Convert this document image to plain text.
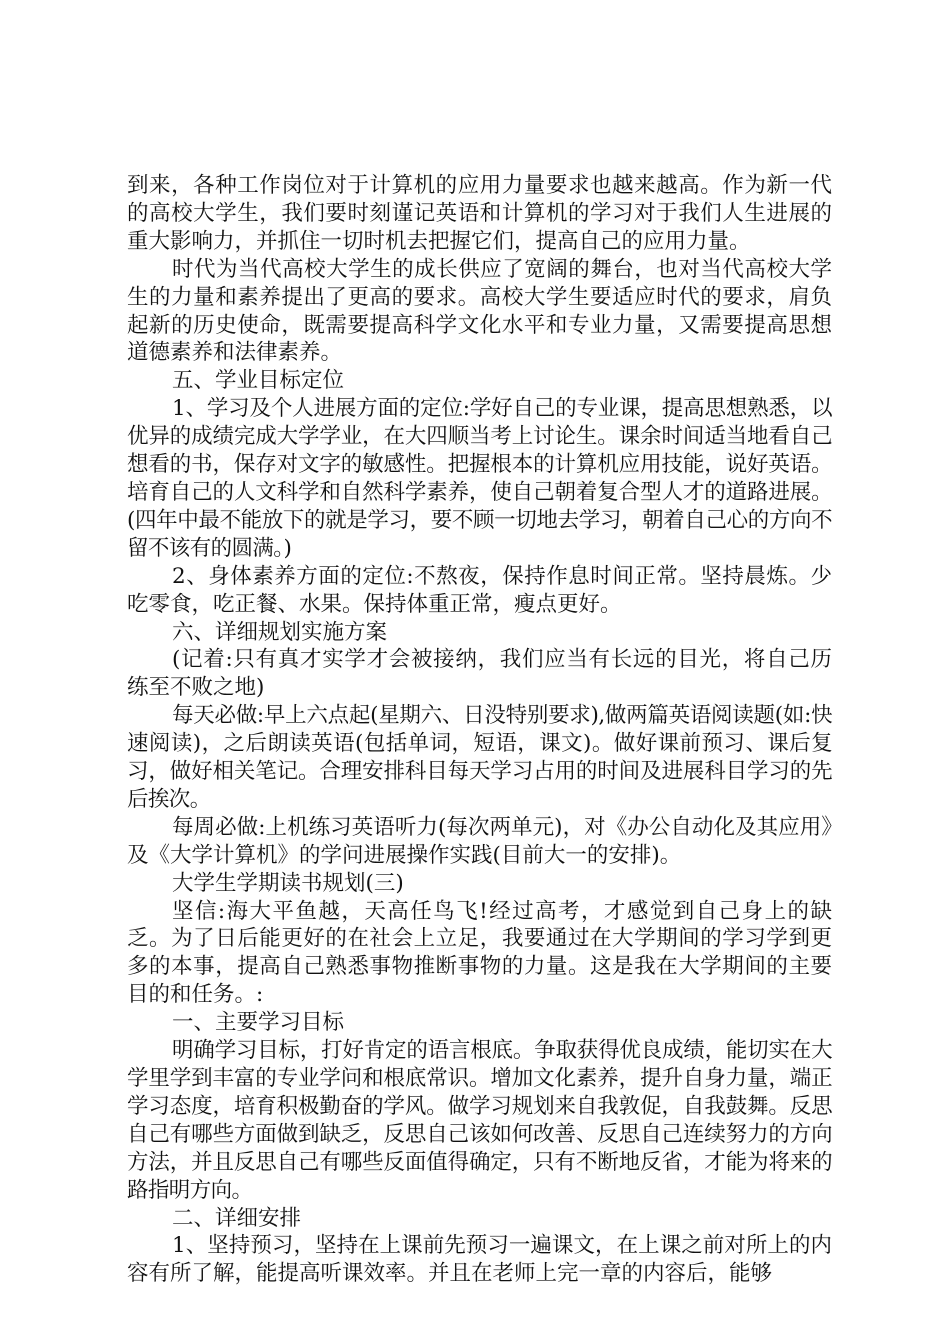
到来，各种工作岗位对于计算机的应用力量要求也越来越高。作为新一代的高校大学生，我们要时刻谨记英语和计算机的学习对于我们人生进展的重大影响力，并抓住一切时机去把握它们，提高自己的应用力量。

时代为当代高校大学生的成长供应了宽阔的舞台，也对当代高校大学生的力量和素养提出了更高的要求。高校大学生要适应时代的要求，肩负起新的历史使命，既需要提高科学文化水平和专业力量，又需要提高思想道德素养和法律素养。

五、学业目标定位

1、学习及个人进展方面的定位:学好自己的专业课，提高思想熟悉，以优异的成绩完成大学学业，在大四顺当考上讨论生。课余时间适当地看自己想看的书，保存对文字的敏感性。把握根本的计算机应用技能，说好英语。培育自己的人文科学和自然科学素养，使自己朝着复合型人才的道路进展。(四年中最不能放下的就是学习，要不顾一切地去学习，朝着自己心的方向不留不该有的圆满。)

2、身体素养方面的定位:不熬夜，保持作息时间正常。坚持晨炼。少吃零食，吃正餐、水果。保持体重正常，瘦点更好。

六、详细规划实施方案

(记着:只有真才实学才会被接纳，我们应当有长远的目光，将自己历练至不败之地)

每天必做:早上六点起(星期六、日没特别要求),做两篇英语阅读题(如:快速阅读)，之后朗读英语(包括单词，短语，课文)。做好课前预习、课后复习，做好相关笔记。合理安排科目每天学习占用的时间及进展科目学习的先后挨次。

每周必做:上机练习英语听力(每次两单元)，对《办公自动化及其应用》及《大学计算机》的学问进展操作实践(目前大一的安排)。

大学生学期读书规划(三)

坚信:海大平鱼越，天高任鸟飞!经过高考，才感觉到自己身上的缺乏。为了日后能更好的在社会上立足，我要通过在大学期间的学习学到更多的本事，提高自己熟悉事物推断事物的力量。这是我在大学期间的主要目的和任务。:

一、主要学习目标

明确学习目标，打好肯定的语言根底。争取获得优良成绩，能切实在大学里学到丰富的专业学问和根底常识。增加文化素养，提升自身力量，端正学习态度，培育积极勤奋的学风。做学习规划来自我敦促，自我鼓舞。反思自己有哪些方面做到缺乏，反思自己该如何改善、反思自己连续努力的方向方法，并且反思自己有哪些反面值得确定，只有不断地反省，才能为将来的路指明方向。

二、详细安排

1、坚持预习，坚持在上课前先预习一遍课文，在上课之前对所上的内容有所了解，能提高听课效率。并且在老师上完一章的内容后，能够
